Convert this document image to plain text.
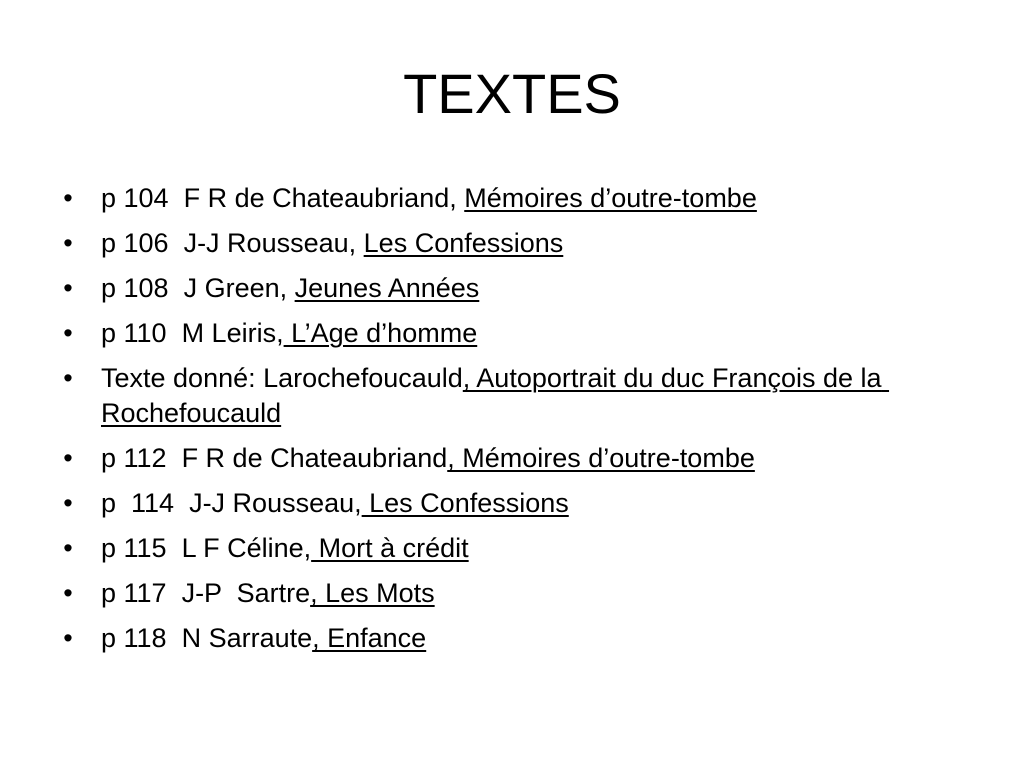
TEXTES
• p 104  F R de Chateaubriand, Mémoires d’outre-tombe
• p 106  J-J Rousseau, Les Confessions
• p 108  J Green, Jeunes Années
• p 110  M Leiris, L’Age d’homme
• Texte donné: Larochefoucauld, Autoportrait du duc François de la Rochefoucauld
• p 112  F R de Chateaubriand, Mémoires d’outre-tombe
• p  114  J-J Rousseau, Les Confessions
• p 115  L F Céline, Mort à crédit
• p 117  J-P  Sartre, Les Mots
• p 118  N Sarraute, Enfance
